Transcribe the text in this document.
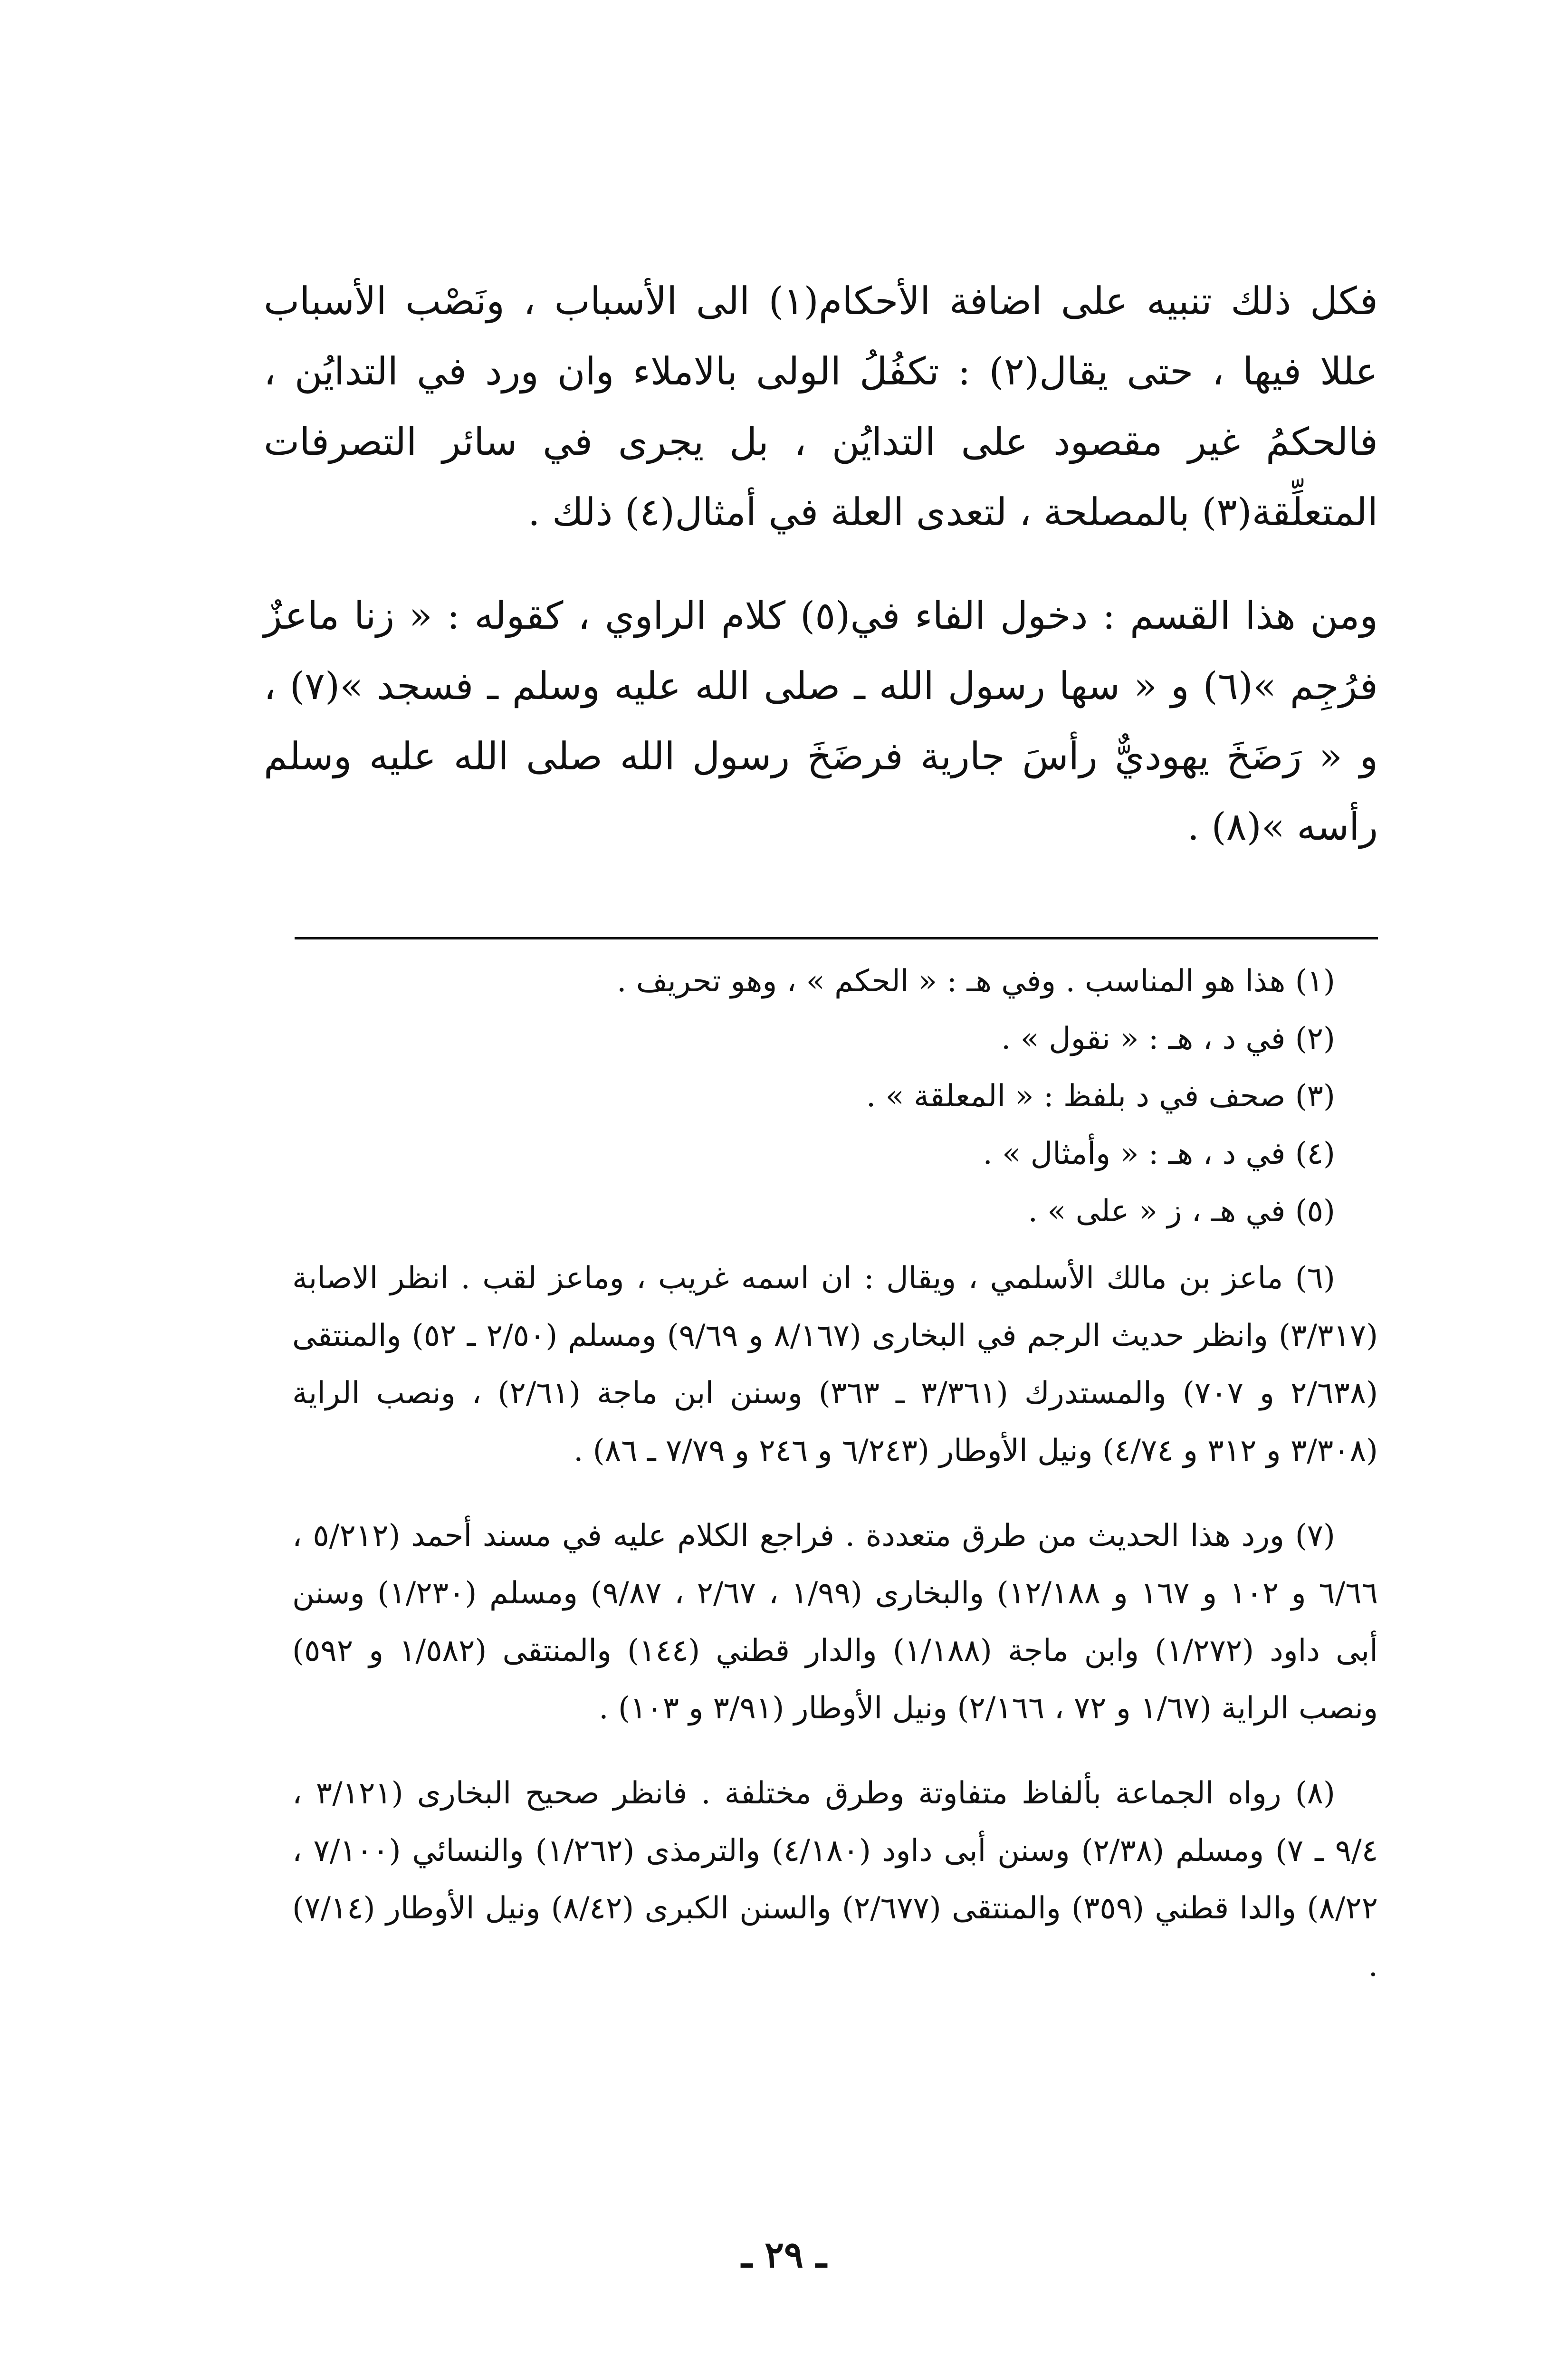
فكل ذلك تنبيه على اضافة الأحكام(١) الى الأسباب ، ونَصْب الأسباب عللا فيها ، حتى يقال(٢) : تكفُلُ الولى بالاملاء وان ورد في التدايُن ، فالحكمُ غير مقصود على التدايُن ، بل يجرى في سائر التصرفات المتعلِّقة(٣) بالمصلحة ، لتعدى العلة في أمثال(٤) ذلك .

ومن هذا القسم : دخول الفاء في(٥) كلام الراوي ، كقوله : « زنا ماعزٌ فرُجِم »(٦) و « سها رسول الله ـ صلى الله عليه وسلم ـ فسجد »(٧) ، و « رَضَخَ يهوديٌّ رأسَ جارية فرضَخَ رسول الله صلى الله عليه وسلم رأسه »(٨) .

(١) هذا هو المناسب . وفي هـ : « الحكم » ، وهو تحريف .

(٢) في د ، هـ : « نقول » .

(٣) صحف في د بلفظ : « المعلقة » .

(٤) في د ، هـ : « وأمثال » .

(٥) في هـ ، ز « على » .

(٦) ماعز بن مالك الأسلمي ، ويقال : ان اسمه غريب ، وماعز لقب . انظر الاصابة (٣/٣١٧) وانظر حديث الرجم في البخارى (٨/١٦٧ و ٩/٦٩) ومسلم (٢/٥٠ ـ ٥٢) والمنتقى (٢/٦٣٨ و ٧٠٧) والمستدرك (٣/٣٦١ ـ ٣٦٣) وسنن ابن ماجة (٢/٦١) ، ونصب الراية (٣/٣٠٨ و ٣١٢ و ٤/٧٤) ونيل الأوطار (٦/٢٤٣ و ٢٤٦ و ٧/٧٩ ـ ٨٦) .

(٧) ورد هذا الحديث من طرق متعددة . فراجع الكلام عليه في مسند أحمد (٥/٢١٢ ، ٦/٦٦ و ١٠٢ و ١٦٧ و ١٢/١٨٨) والبخارى (١/٩٩ ، ٢/٦٧ ، ٩/٨٧) ومسلم (١/٢٣٠) وسنن أبى داود (١/٢٧٢) وابن ماجة (١/١٨٨) والدار قطني (١٤٤) والمنتقى (١/٥٨٢ و ٥٩٢) ونصب الراية (١/٦٧ و ٧٢ ، ٢/١٦٦) ونيل الأوطار (٣/٩١ و ١٠٣) .

(٨) رواه الجماعة بألفاظ متفاوتة وطرق مختلفة . فانظر صحيح البخارى (٣/١٢١ ، ٩/٤ ـ ٧) ومسلم (٢/٣٨) وسنن أبى داود (٤/١٨٠) والترمذى (١/٢٦٢) والنسائي (٧/١٠٠ ، ٨/٢٢) والدا قطني (٣٥٩) والمنتقى (٢/٦٧٧) والسنن الكبرى (٨/٤٢) ونيل الأوطار (٧/١٤) .

ـ ٢٩ ـ
